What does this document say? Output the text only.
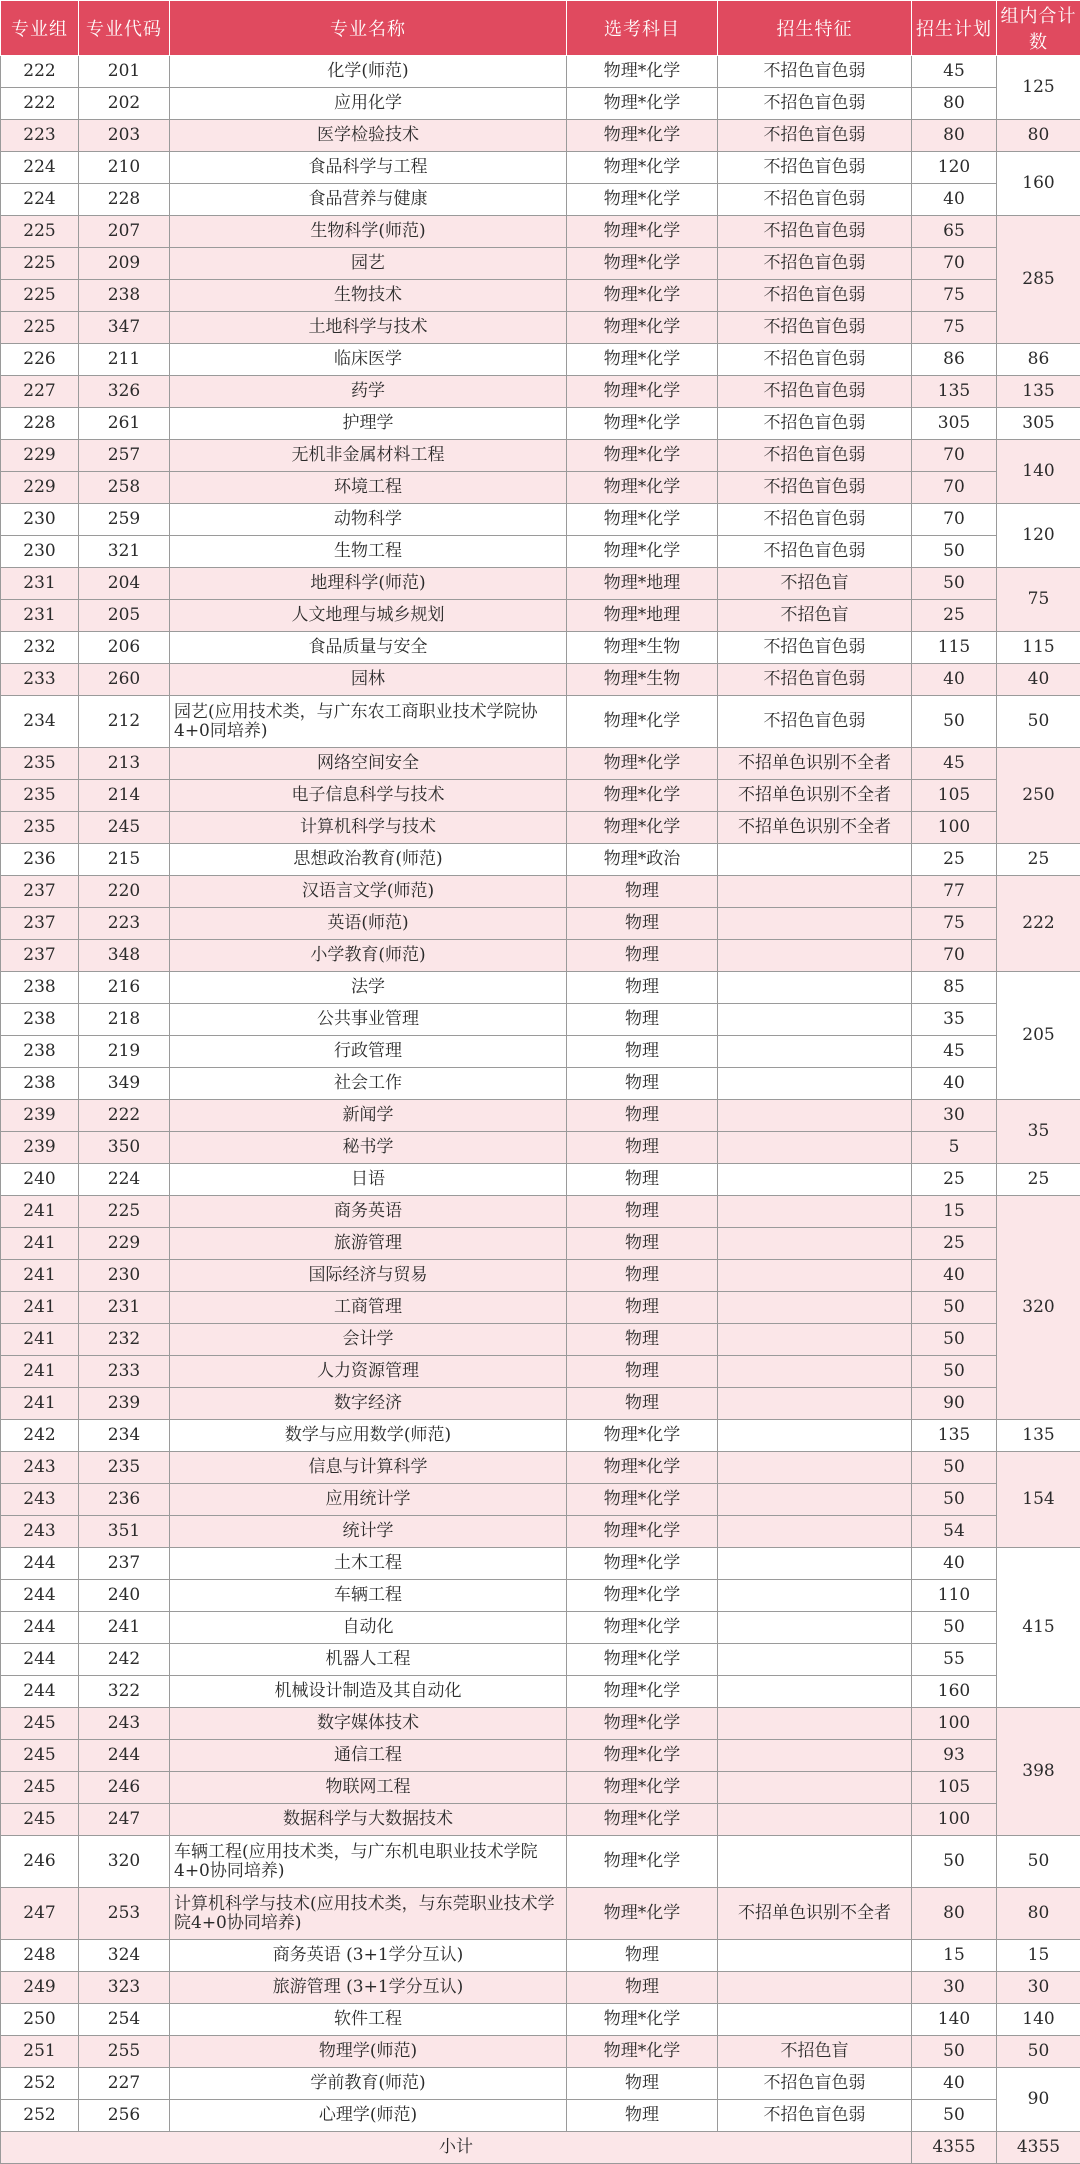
专业组	专业代码	专业名称	选考科目	招生特征	招生计划	组内合计数
222	201	化学(师范)	物理*化学	不招色盲色弱	45	125
222	202	应用化学	物理*化学	不招色盲色弱	80	
223	203	医学检验技术	物理*化学	不招色盲色弱	80	80
224	210	食品科学与工程	物理*化学	不招色盲色弱	120	160
224	228	食品营养与健康	物理*化学	不招色盲色弱	40	
225	207	生物科学(师范)	物理*化学	不招色盲色弱	65	285
225	209	园艺	物理*化学	不招色盲色弱	70	
225	238	生物技术	物理*化学	不招色盲色弱	75	
225	347	土地科学与技术	物理*化学	不招色盲色弱	75	
226	211	临床医学	物理*化学	不招色盲色弱	86	86
227	326	药学	物理*化学	不招色盲色弱	135	135
228	261	护理学	物理*化学	不招色盲色弱	305	305
229	257	无机非金属材料工程	物理*化学	不招色盲色弱	70	140
229	258	环境工程	物理*化学	不招色盲色弱	70	
230	259	动物科学	物理*化学	不招色盲色弱	70	120
230	321	生物工程	物理*化学	不招色盲色弱	50	
231	204	地理科学(师范)	物理*地理	不招色盲	50	75
231	205	人文地理与城乡规划	物理*地理	不招色盲	25	
232	206	食品质量与安全	物理*生物	不招色盲色弱	115	115
233	260	园林	物理*生物	不招色盲色弱	40	40
234	212	园艺(应用技术类，与广东农工商职业技术学院协4+0同培养)	物理*化学	不招色盲色弱	50	50
235	213	网络空间安全	物理*化学	不招单色识别不全者	45	250
235	214	电子信息科学与技术	物理*化学	不招单色识别不全者	105	
235	245	计算机科学与技术	物理*化学	不招单色识别不全者	100	
236	215	思想政治教育(师范)	物理*政治		25	25
237	220	汉语言文学(师范)	物理		77	222
237	223	英语(师范)	物理		75	
237	348	小学教育(师范)	物理		70	
238	216	法学	物理		85	205
238	218	公共事业管理	物理		35	
238	219	行政管理	物理		45	
238	349	社会工作	物理		40	
239	222	新闻学	物理		30	35
239	350	秘书学	物理		5	
240	224	日语	物理		25	25
241	225	商务英语	物理		15	320
241	229	旅游管理	物理		25	
241	230	国际经济与贸易	物理		40	
241	231	工商管理	物理		50	
241	232	会计学	物理		50	
241	233	人力资源管理	物理		50	
241	239	数字经济	物理		90	
242	234	数学与应用数学(师范)	物理*化学		135	135
243	235	信息与计算科学	物理*化学		50	154
243	236	应用统计学	物理*化学		50	
243	351	统计学	物理*化学		54	
244	237	土木工程	物理*化学		40	415
244	240	车辆工程	物理*化学		110	
244	241	自动化	物理*化学		50	
244	242	机器人工程	物理*化学		55	
244	322	机械设计制造及其自动化	物理*化学		160	
245	243	数字媒体技术	物理*化学		100	398
245	244	通信工程	物理*化学		93	
245	246	物联网工程	物理*化学		105	
245	247	数据科学与大数据技术	物理*化学		100	
246	320	车辆工程(应用技术类，与广东机电职业技术学院4+0协同培养)	物理*化学		50	50
247	253	计算机科学与技术(应用技术类，与东莞职业技术学院4+0协同培养)	物理*化学	不招单色识别不全者	80	80
248	324	商务英语 (3+1学分互认)	物理		15	15
249	323	旅游管理 (3+1学分互认)	物理		30	30
250	254	软件工程	物理*化学		140	140
251	255	物理学(师范)	物理*化学	不招色盲	50	50
252	227	学前教育(师范)	物理	不招色盲色弱	40	90
252	256	心理学(师范)	物理	不招色盲色弱	50	
小计					4355	4355
